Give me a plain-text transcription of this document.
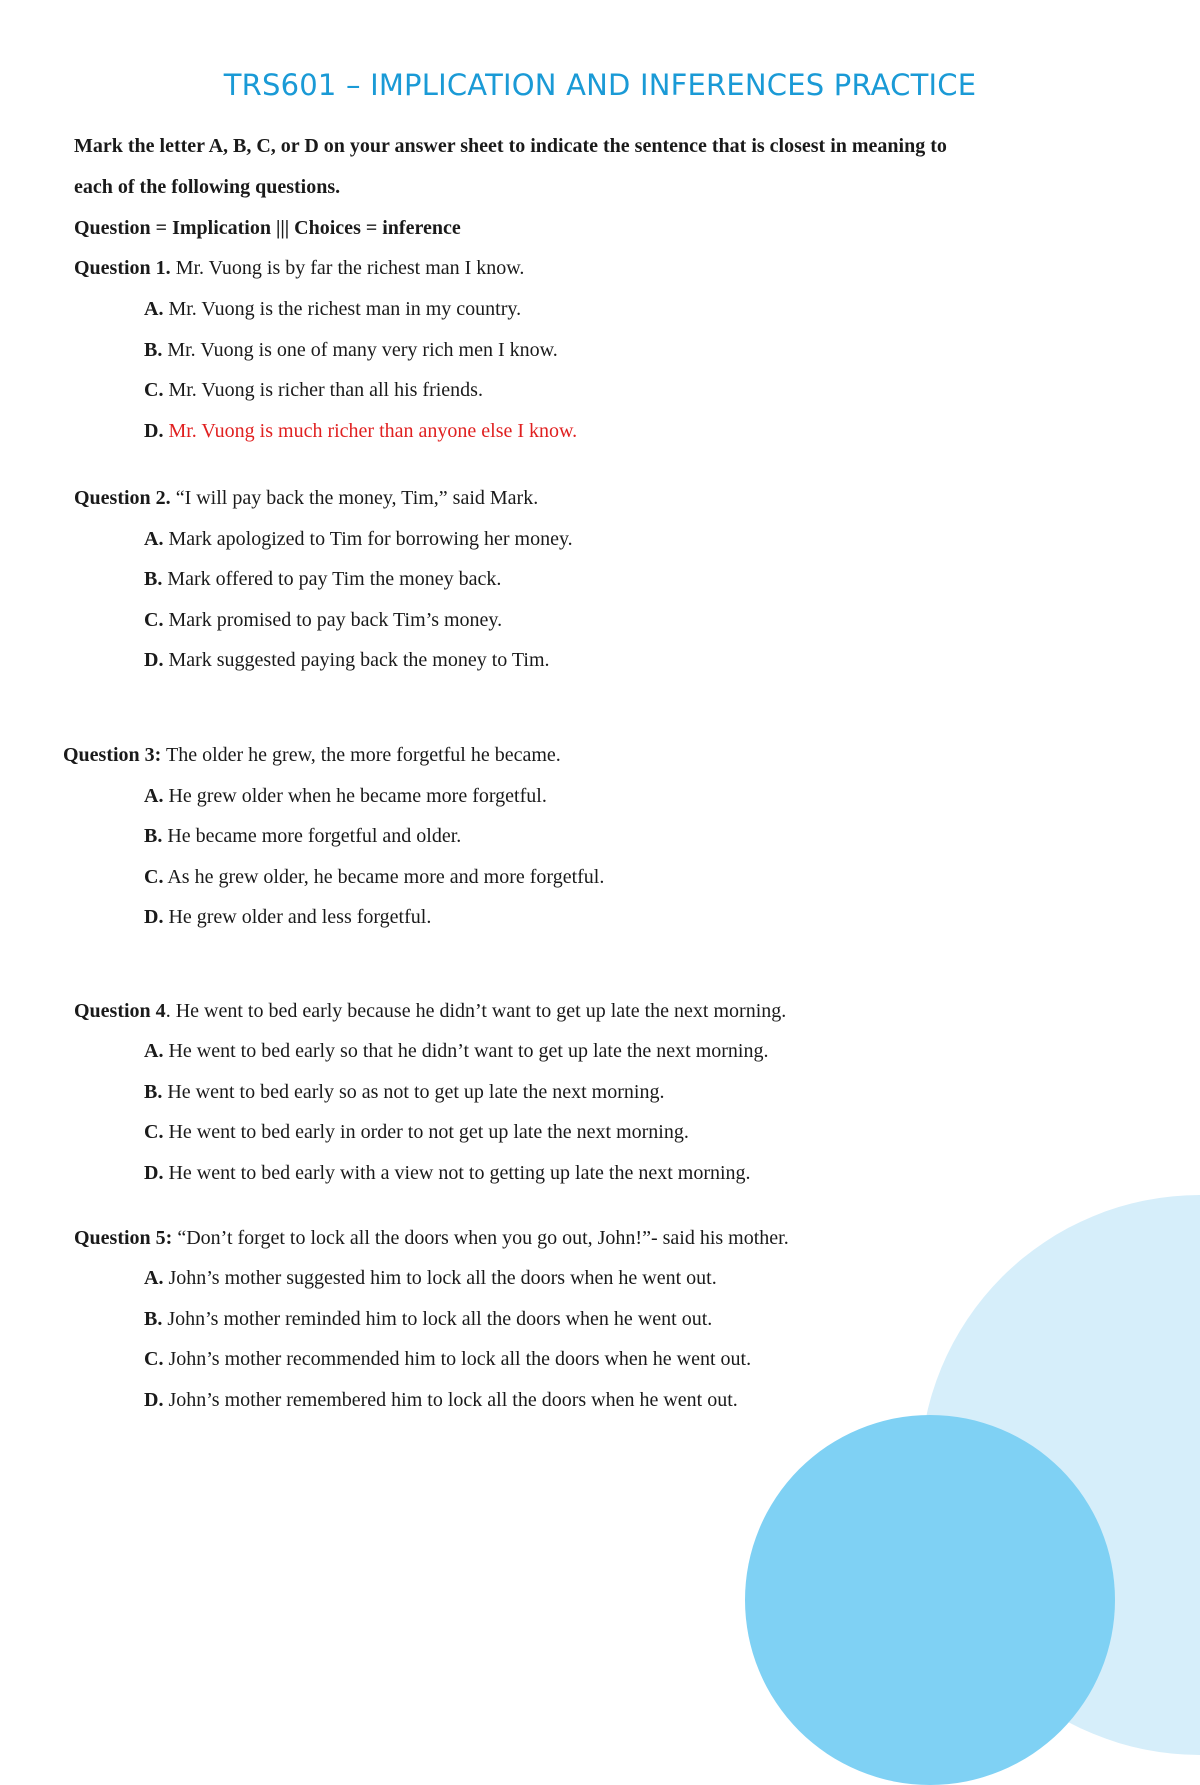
TRS601 – IMPLICATION AND INFERENCES PRACTICE
Mark the letter A, B, C, or D on your answer sheet to indicate the sentence that is closest in meaning to
each of the following questions.
Question = Implication ||| Choices = inference
Question 1. Mr. Vuong is by far the richest man I know.
A. Mr. Vuong is the richest man in my country.
B. Mr. Vuong is one of many very rich men I know.
C. Mr. Vuong is richer than all his friends.
D. Mr. Vuong is much richer than anyone else I know.
Question 2. “I will pay back the money, Tim,” said Mark.
A. Mark apologized to Tim for borrowing her money.
B. Mark offered to pay Tim the money back.
C. Mark promised to pay back Tim’s money.
D. Mark suggested paying back the money to Tim.
Question 3: The older he grew, the more forgetful he became.
A. He grew older when he became more forgetful.
B. He became more forgetful and older.
C. As he grew older, he became more and more forgetful.
D. He grew older and less forgetful.
Question 4. He went to bed early because he didn’t want to get up late the next morning.
A. He went to bed early so that he didn’t want to get up late the next morning.
B. He went to bed early so as not to get up late the next morning.
C. He went to bed early in order to not get up late the next morning.
D. He went to bed early with a view not to getting up late the next morning.
Question 5: “Don’t forget to lock all the doors when you go out, John!”- said his mother.
A. John’s mother suggested him to lock all the doors when he went out.
B. John’s mother reminded him to lock all the doors when he went out.
C. John’s mother recommended him to lock all the doors when he went out.
D. John’s mother remembered him to lock all the doors when he went out.
